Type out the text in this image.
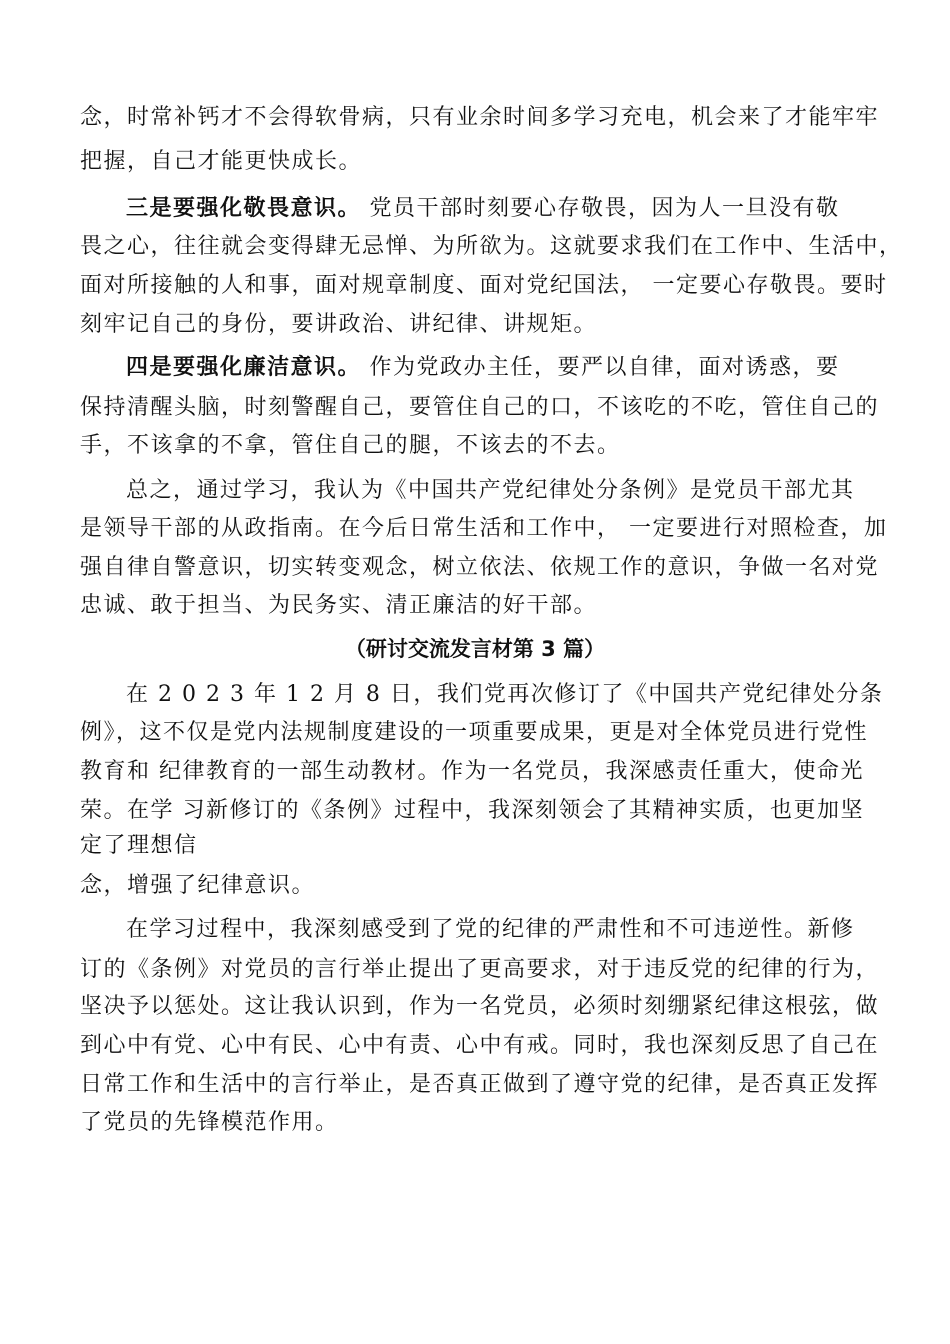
念，时常补钙才不会得软骨病，只有业余时间多学习充电，机会来了才能牢牢
把握，自己才能更快成长。
三是要强化敬畏意识。 党员干部时刻要心存敬畏，因为人一旦没有敬
畏之心，往往就会变得肆无忌惮、为所欲为。这就要求我们在工作中、生活中，
面对所接触的人和事，面对规章制度、面对党纪国法， 一定要心存敬畏。要时
刻牢记自己的身份，要讲政治、讲纪律、讲规矩。
四是要强化廉洁意识。 作为党政办主任，要严以自律，面对诱惑，要
保持清醒头脑，时刻警醒自己，要管住自己的口，不该吃的不吃，管住自己的
手，不该拿的不拿，管住自己的腿，不该去的不去。
总之，通过学习，我认为《中国共产党纪律处分条例》是党员干部尤其
是领导干部的从政指南。在今后日常生活和工作中， 一定要进行对照检查，加
强自律自警意识，切实转变观念，树立依法、依规工作的意识，争做一名对党
忠诚、敢于担当、为民务实、清正廉洁的好干部。
（研讨交流发言材第 3 篇）
在 2 0 2 3 年 1 2 月 8 日，我们党再次修订了《中国共产党纪律处分条
例》，这不仅是党内法规制度建设的一项重要成果，更是对全体党员进行党性
教育和 纪律教育的一部生动教材。作为一名党员，我深感责任重大，使命光
荣。在学 习新修订的《条例》过程中，我深刻领会了其精神实质，也更加坚
定了理想信
念，增强了纪律意识。
在学习过程中，我深刻感受到了党的纪律的严肃性和不可违逆性。新修
订的《条例》对党员的言行举止提出了更高要求，对于违反党的纪律的行为，
坚决予以惩处。这让我认识到，作为一名党员，必须时刻绷紧纪律这根弦，做
到心中有党、心中有民、心中有责、心中有戒。同时，我也深刻反思了自己在
日常工作和生活中的言行举止，是否真正做到了遵守党的纪律，是否真正发挥
了党员的先锋模范作用。
